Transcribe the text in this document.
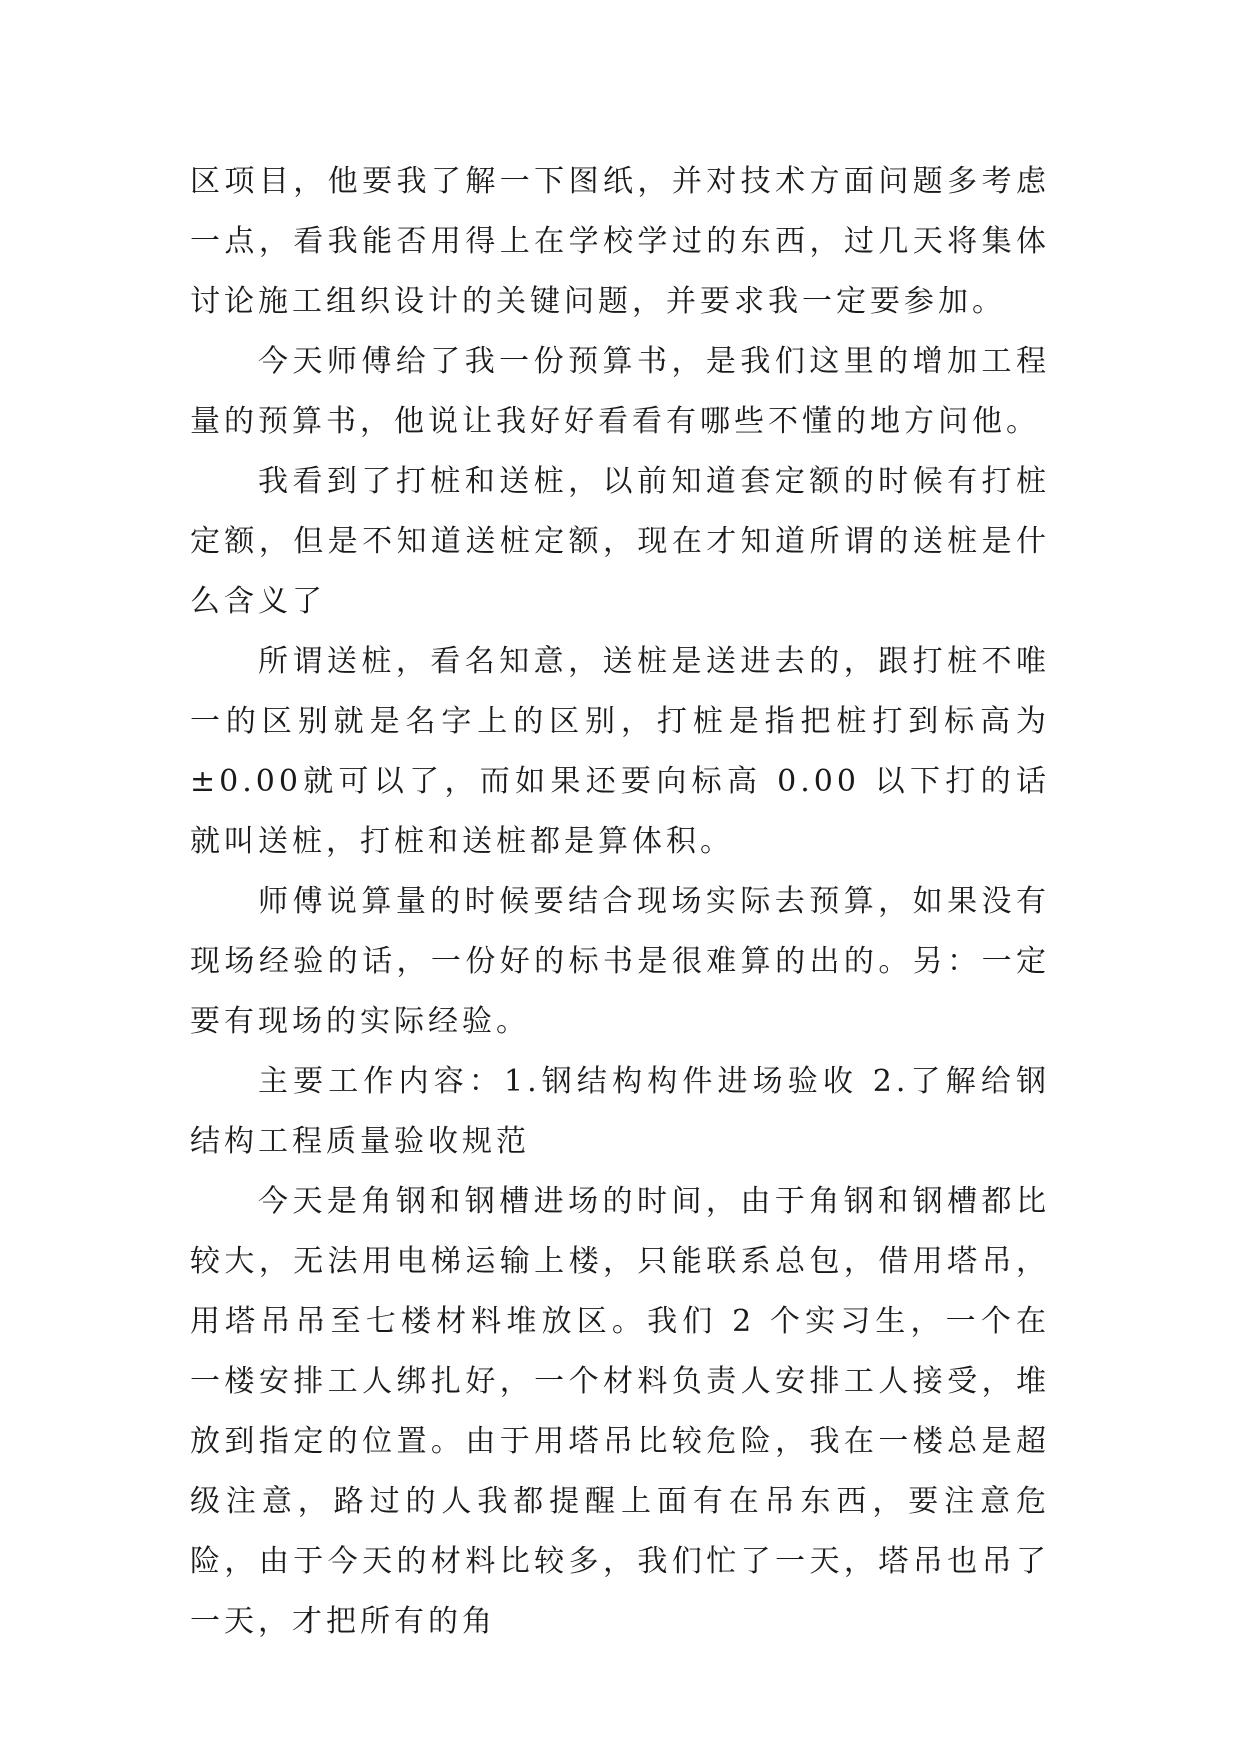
区项目，他要我了解一下图纸，并对技术方面问题多考虑一点，看我能否用得上在学校学过的东西，过几天将集体讨论施工组织设计的关键问题，并要求我一定要参加。

今天师傅给了我一份预算书，是我们这里的增加工程量的预算书，他说让我好好看看有哪些不懂的地方问他。

我看到了打桩和送桩，以前知道套定额的时候有打桩定额，但是不知道送桩定额，现在才知道所谓的送桩是什么含义了

所谓送桩，看名知意，送桩是送进去的，跟打桩不唯一的区别就是名字上的区别，打桩是指把桩打到标高为±0.00就可以了，而如果还要向标高 0.00 以下打的话就叫送桩，打桩和送桩都是算体积。

师傅说算量的时候要结合现场实际去预算，如果没有现场经验的话，一份好的标书是很难算的出的。另：一定要有现场的实际经验。

主要工作内容：1.钢结构构件进场验收 2.了解给钢结构工程质量验收规范

今天是角钢和钢槽进场的时间，由于角钢和钢槽都比较大，无法用电梯运输上楼，只能联系总包，借用塔吊，用塔吊吊至七楼材料堆放区。我们 2 个实习生，一个在一楼安排工人绑扎好，一个材料负责人安排工人接受，堆放到指定的位置。由于用塔吊比较危险，我在一楼总是超级注意，路过的人我都提醒上面有在吊东西，要注意危险，由于今天的材料比较多，我们忙了一天，塔吊也吊了一天，才把所有的角
